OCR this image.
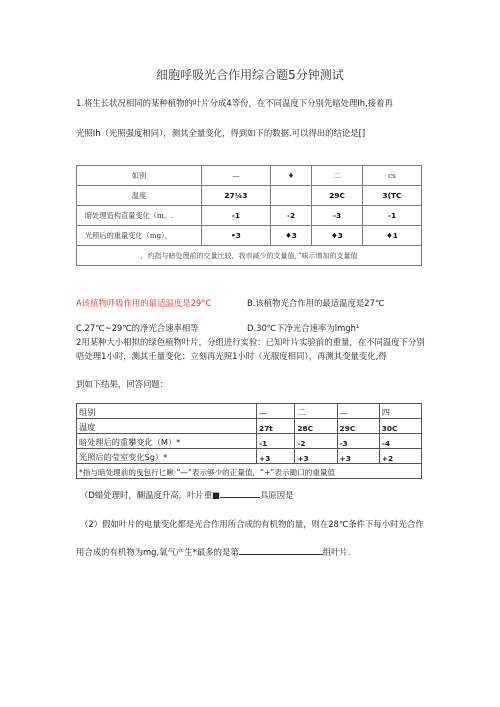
细胞呼吸光合作用综合题5分钟测试
1.将生长状况相同的某种植物的叶片分成4等份，在不同温度下分别先暗处理Ih,接着再
光照Ih（光照强度相同），测其全量变化，得到如下的数据.可以得出的结论是[]
如别	—	♦	二	cs
温度	27¼3		29C	3(TC
暗处理造构直量变化（m。.	-1	-2	-3	-1
光照后的重量变化（mg），	•3	♦3	♦3	♦1
，灼指与暗处理前的交量比较，我市减少的支量值，”味示增加的支量值				
A该植物呼吸作用的最适温度是29°C	B.该植物光合作用的最适温度是27℃
C.27℃~29℃的净光合速率相等	D.30℃下净光合速率为lmgh¹
2用某种大小相拟的绿色植物叶片，分组进行实验：已知叶片实验前的重量，在不同温度下分别
唔处理1小时，测其壬量变化；立刻再光照1小时（光服度相同），再测其变量变化,得
到如下结果，回答问题：
组别	—	二	—	四
温度	27t	28C	29C	30C
暗处理后的重攀变化（M）*	-1	-2	-3	-4
光照后的莹室变化Sg）*	+3	+3	+3	+2
*指与暗处理前的曳包行匕瞅·“—”表示够少的正量值，“+”表示锄口的重量值				
（D蜡处理时，醐温度升高，叶片重■	具原因是
（2）假如叶片的电量变化都是光合作用所合成的有机物的量，则在28℃条件下每小时光合作
用合成的有机物为mg,氧气产生*最多的是第	组叶片.
